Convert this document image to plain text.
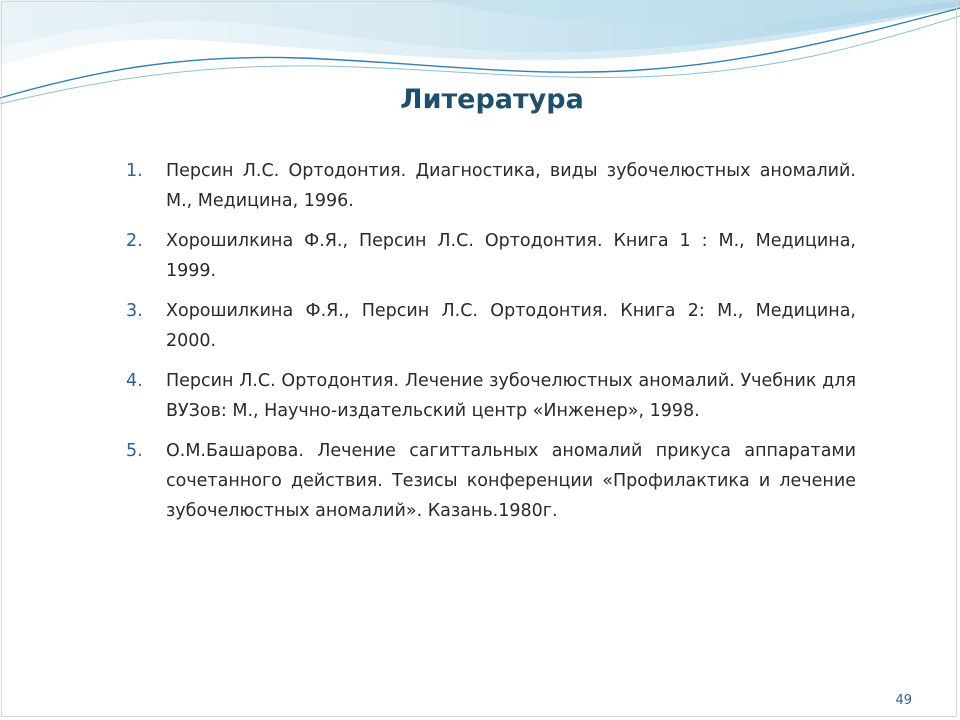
Литература
1. Персин Л.С. Ортодонтия. Диагностика, виды зубочелюстных аномалий. М., Медицина, 1996.
2. Хорошилкина Ф.Я., Персин Л.С. Ортодонтия. Книга 1 : М., Медицина, 1999.
3. Хорошилкина Ф.Я., Персин Л.С. Ортодонтия. Книга 2: М., Медицина, 2000.
4. Персин Л.С. Ортодонтия. Лечение зубочелюстных аномалий. Учебник для ВУЗов: М., Научно-издательский центр «Инженер», 1998.
5. О.М.Башарова. Лечение сагиттальных аномалий прикуса аппаратами сочетанного действия. Тезисы конференции «Профилактика и лечение зубочелюстных аномалий». Казань.1980г.
49
